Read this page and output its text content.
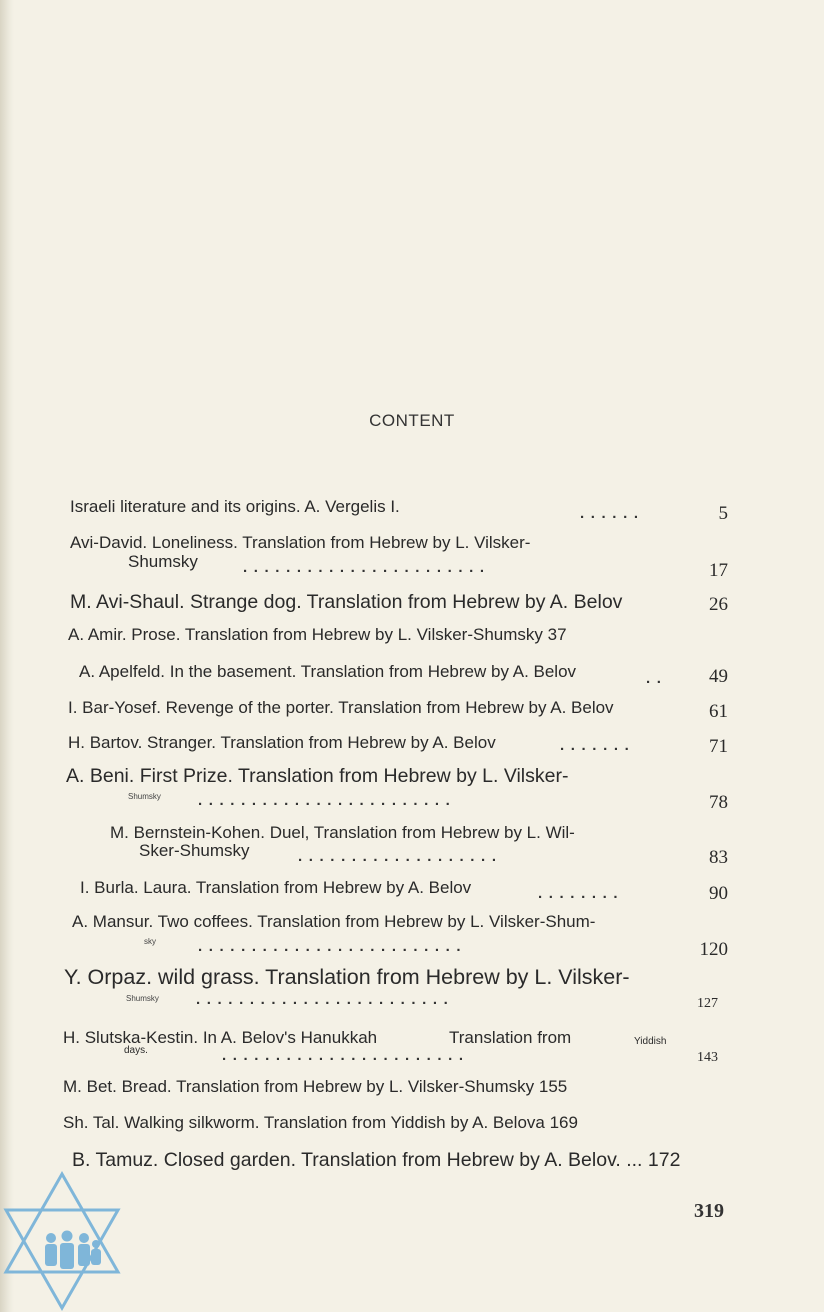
CONTENT
Israeli literature and its origins. A. Vergelis I.	......	5
Avi-David. Loneliness. Translation from Hebrew by L. Vilsker-
Shumsky	.......................	17
M. Avi-Shaul. Strange dog. Translation from Hebrew by A. Belov	26
A. Amir. Prose. Translation from Hebrew by L. Vilsker-Shumsky 37
A. Apelfeld. In the basement. Translation from Hebrew by A. Belov	..	49
I. Bar-Yosef. Revenge of the porter. Translation from Hebrew by A. Belov	61
H. Bartov. Stranger. Translation from Hebrew by A. Belov	.......	71
A. Beni. First Prize. Translation from Hebrew by L. Vilsker-
Shumsky ........................	78
M. Bernstein-Kohen. Duel, Translation from Hebrew by L. Wil-
Sker-Shumsky	...................	83
I. Burla. Laura. Translation from Hebrew by A. Belov	........	90
A. Mansur. Two coffees. Translation from Hebrew by L. Vilsker-Shum-
sky	.........................	120
Y. Orpaz. wild grass. Translation from Hebrew by L. Vilsker-
Shumsky ........................	127
H. Slutska-Kestin. In A. Belov's Hanukkah	Translation from	Yiddish
days.	.......................	143
M. Bet. Bread. Translation from Hebrew by L. Vilsker-Shumsky 155
Sh. Tal. Walking silkworm. Translation from Yiddish by A. Belova 169
B. Tamuz. Closed garden. Translation from Hebrew by A. Belov. ... 172
319
